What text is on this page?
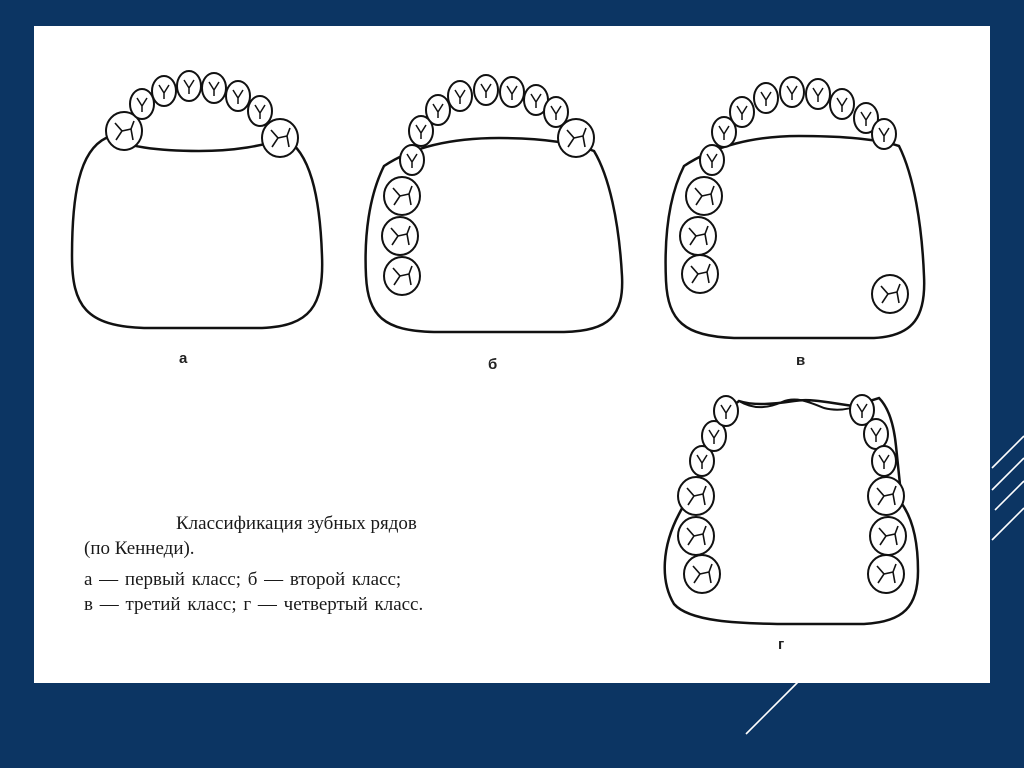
а	б	в
г
Классификация зубных рядов
(по Кеннеди).
а — первый класс; б — второй класс;
в — третий класс; г — четвертый класс.
